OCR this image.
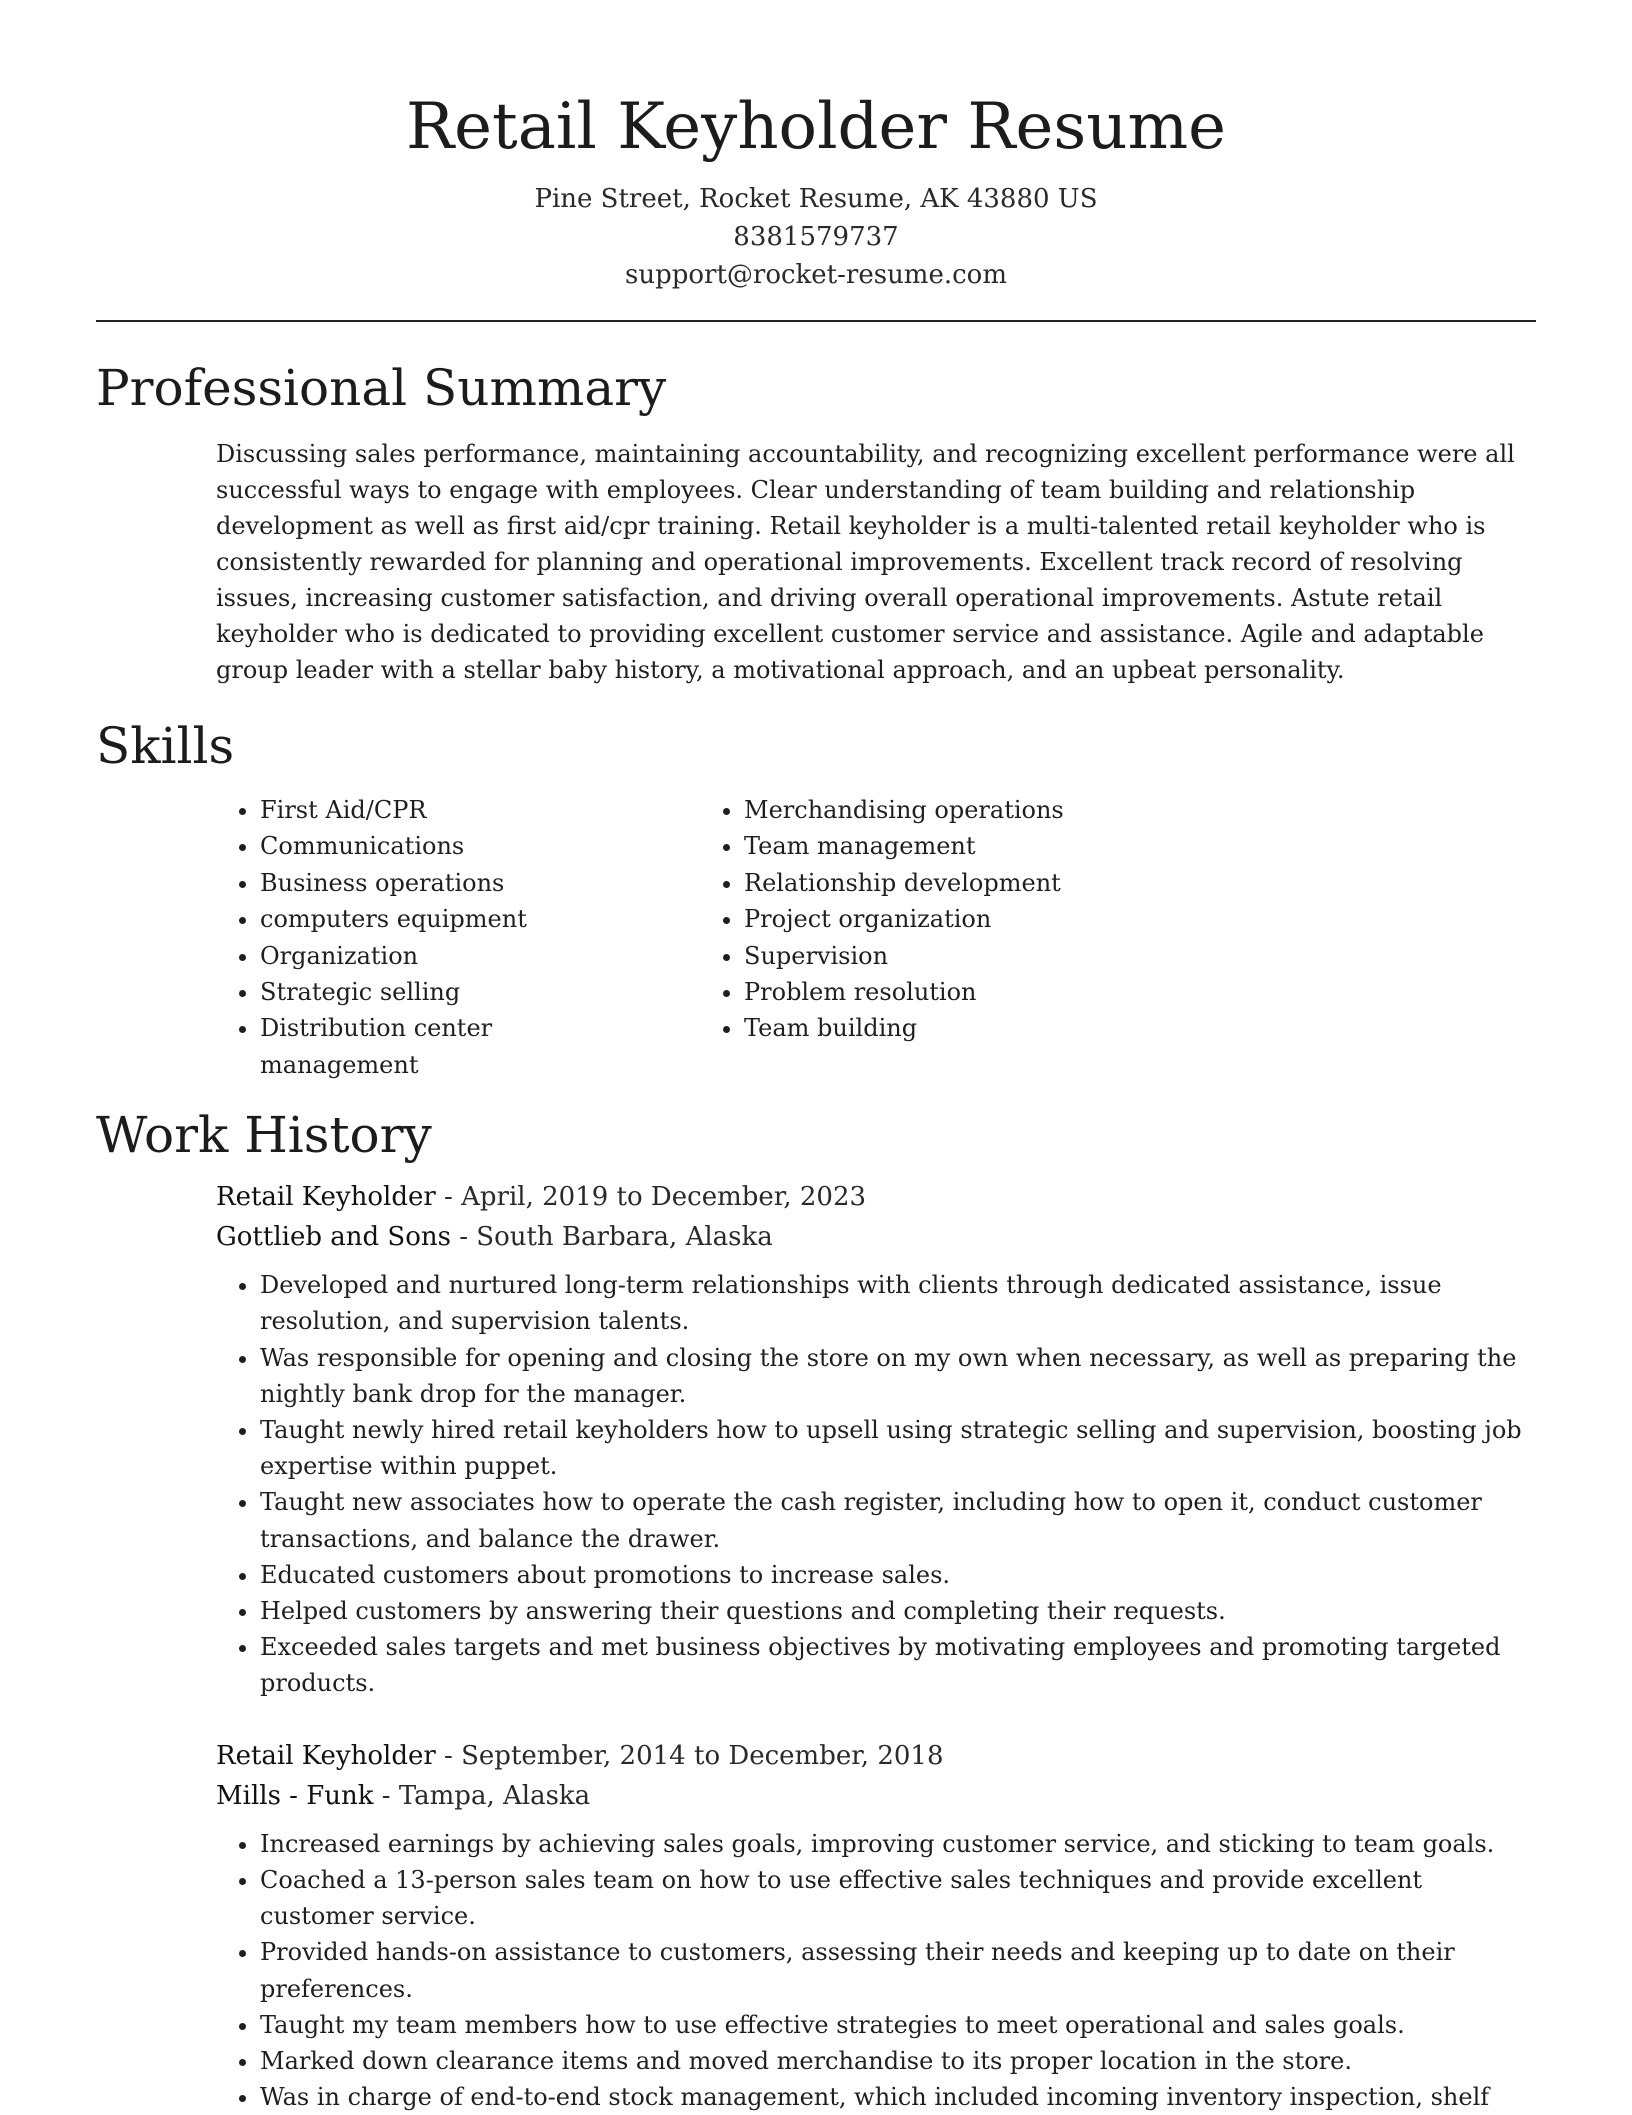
Retail Keyholder Resume
Pine Street, Rocket Resume, AK 43880 US
8381579737
support@rocket-resume.com
Professional Summary

Discussing sales performance, maintaining accountability, and recognizing excellent performance were all successful ways to engage with employees. Clear understanding of team building and relationship development as well as first aid/cpr training. Retail keyholder is a multi-talented retail keyholder who is consistently rewarded for planning and operational improvements. Excellent track record of resolving issues, increasing customer satisfaction, and driving overall operational improvements. Astute retail keyholder who is dedicated to providing excellent customer service and assistance. Agile and adaptable group leader with a stellar baby history, a motivational approach, and an upbeat personality.

Skills
• First Aid/CPR
• Communications
• Business operations
• computers equipment
• Organization
• Strategic selling
• Distribution center management
• Merchandising operations
• Team management
• Relationship development
• Project organization
• Supervision
• Problem resolution
• Team building
Work History
Retail Keyholder - April, 2019 to December, 2023
Gottlieb and Sons - South Barbara, Alaska
• Developed and nurtured long-term relationships with clients through dedicated assistance, issue resolution, and supervision talents.
• Was responsible for opening and closing the store on my own when necessary, as well as preparing the nightly bank drop for the manager.
• Taught newly hired retail keyholders how to upsell using strategic selling and supervision, boosting job expertise within puppet.
• Taught new associates how to operate the cash register, including how to open it, conduct customer transactions, and balance the drawer.
• Educated customers about promotions to increase sales.
• Helped customers by answering their questions and completing their requests.
• Exceeded sales targets and met business objectives by motivating employees and promoting targeted products.
Retail Keyholder - September, 2014 to December, 2018
Mills - Funk - Tampa, Alaska
• Increased earnings by achieving sales goals, improving customer service, and sticking to team goals.
• Coached a 13-person sales team on how to use effective sales techniques and provide excellent customer service.
• Provided hands-on assistance to customers, assessing their needs and keeping up to date on their preferences.
• Taught my team members how to use effective strategies to meet operational and sales goals.
• Marked down clearance items and moved merchandise to its proper location in the store.
• Was in charge of end-to-end stock management, which included incoming inventory inspection, shelf
